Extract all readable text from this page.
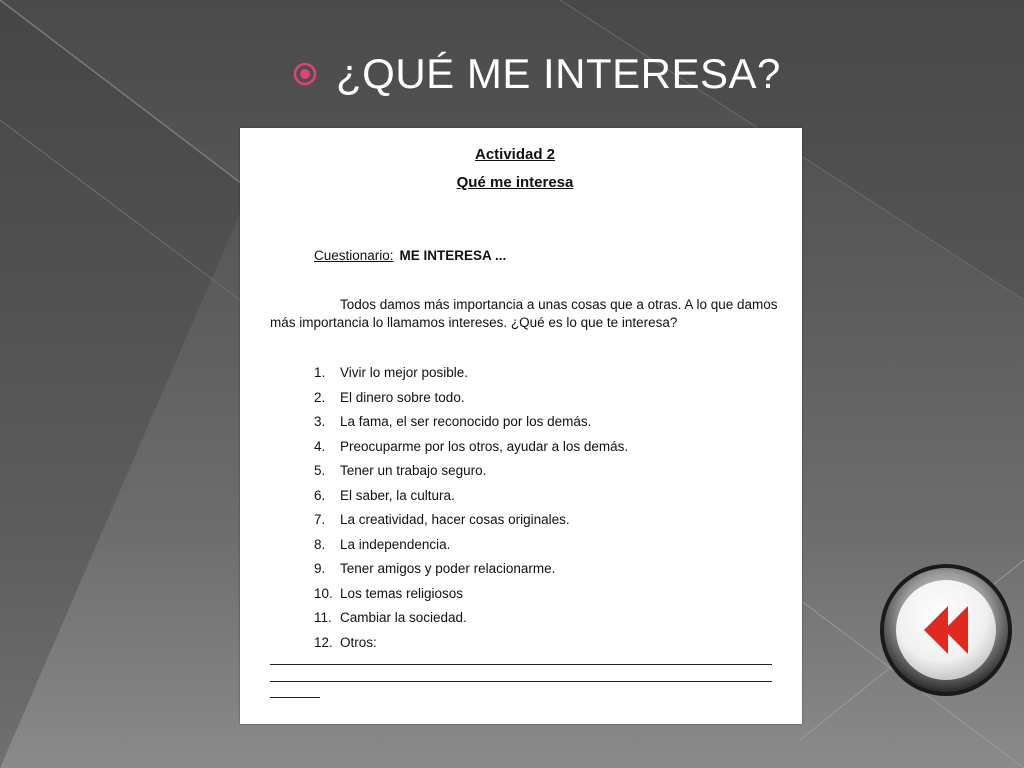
¿QUÉ ME INTERESA?
Actividad 2
Qué me interesa
Cuestionario: ME INTERESA ...
Todos damos más importancia a unas cosas que a otras. A lo que damos más importancia lo llamamos intereses. ¿Qué es lo que te interesa?
1.	Vivir lo mejor posible.
2.	El dinero sobre todo.
3.	La fama, el ser reconocido por los demás.
4.	Preocuparme por los otros, ayudar a los demás.
5.	Tener un trabajo seguro.
6.	El saber, la cultura.
7.	La creatividad, hacer cosas originales.
8.	La independencia.
9.	Tener amigos y poder relacionarme.
10. Los temas religiosos
11. Cambiar la sociedad.
12. Otros:
